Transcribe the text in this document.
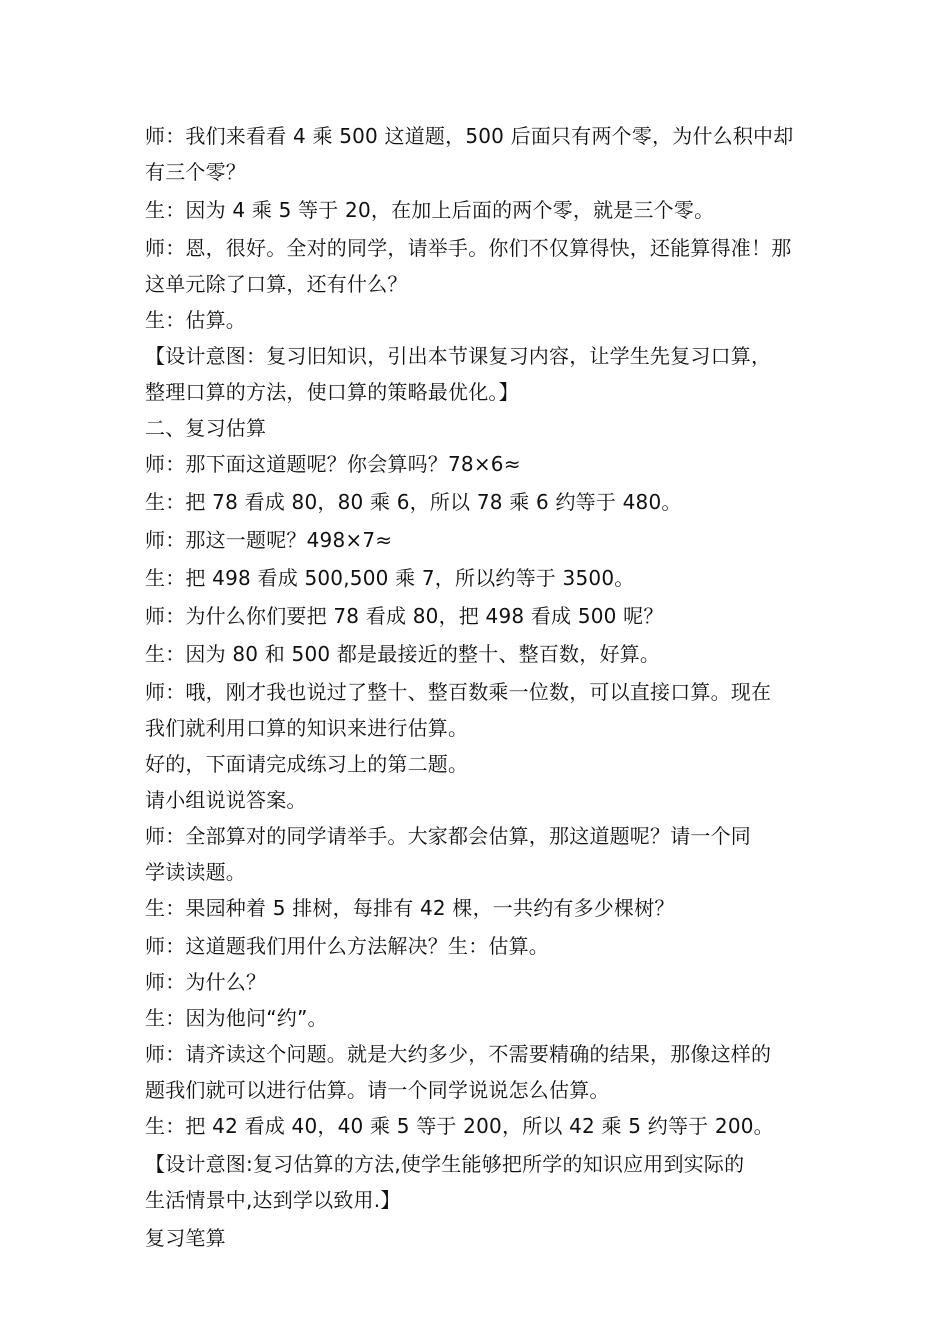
师：我们来看看 4 乘 500 这道题，500 后面只有两个零，为什么积中却
有三个零？
生：因为 4 乘 5 等于 20，在加上后面的两个零，就是三个零。
师：恩，很好。全对的同学，请举手。你们不仅算得快，还能算得准！那
这单元除了口算，还有什么？
生：估算。
【设计意图：复习旧知识，引出本节课复习内容，让学生先复习口算，
整理口算的方法，使口算的策略最优化。】
二、复习估算
师：那下面这道题呢？你会算吗？78×6≈
生：把 78 看成 80，80 乘 6，所以 78 乘 6 约等于 480。
师：那这一题呢？498×7≈
生：把 498 看成 500,500 乘 7，所以约等于 3500。
师：为什么你们要把 78 看成 80，把 498 看成 500 呢？
生：因为 80 和 500 都是最接近的整十、整百数，好算。
师：哦，刚才我也说过了整十、整百数乘一位数，可以直接口算。现在
我们就利用口算的知识来进行估算。
好的，下面请完成练习上的第二题。
请小组说说答案。
师：全部算对的同学请举手。大家都会估算，那这道题呢？请一个同
学读读题。
生：果园种着 5 排树，每排有 42 棵，一共约有多少棵树？
师：这道题我们用什么方法解决？生：估算。
师：为什么？
生：因为他问“约”。
师：请齐读这个问题。就是大约多少，不需要精确的结果，那像这样的
题我们就可以进行估算。请一个同学说说怎么估算。
生：把 42 看成 40，40 乘 5 等于 200，所以 42 乘 5 约等于 200。
【设计意图:复习估算的方法,使学生能够把所学的知识应用到实际的
生活情景中,达到学以致用.】
复习笔算
